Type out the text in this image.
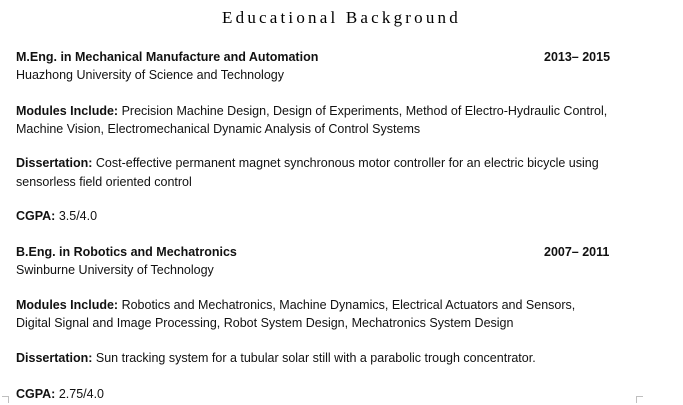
Educational Background
M.Eng. in Mechanical Manufacture and Automation	2013– 2015
Huazhong University of Science and Technology
Modules Include: Precision Machine Design, Design of Experiments, Method of Electro-Hydraulic Control,
Machine Vision, Electromechanical Dynamic Analysis of Control Systems
Dissertation: Cost-effective permanent magnet synchronous motor controller for an electric bicycle using
sensorless field oriented control
CGPA: 3.5/4.0
B.Eng. in Robotics and Mechatronics	2007– 2011
Swinburne University of Technology
Modules Include: Robotics and Mechatronics, Machine Dynamics, Electrical Actuators and Sensors,
Digital Signal and Image Processing, Robot System Design, Mechatronics System Design
Dissertation: Sun tracking system for a tubular solar still with a parabolic trough concentrator.
CGPA: 2.75/4.0
